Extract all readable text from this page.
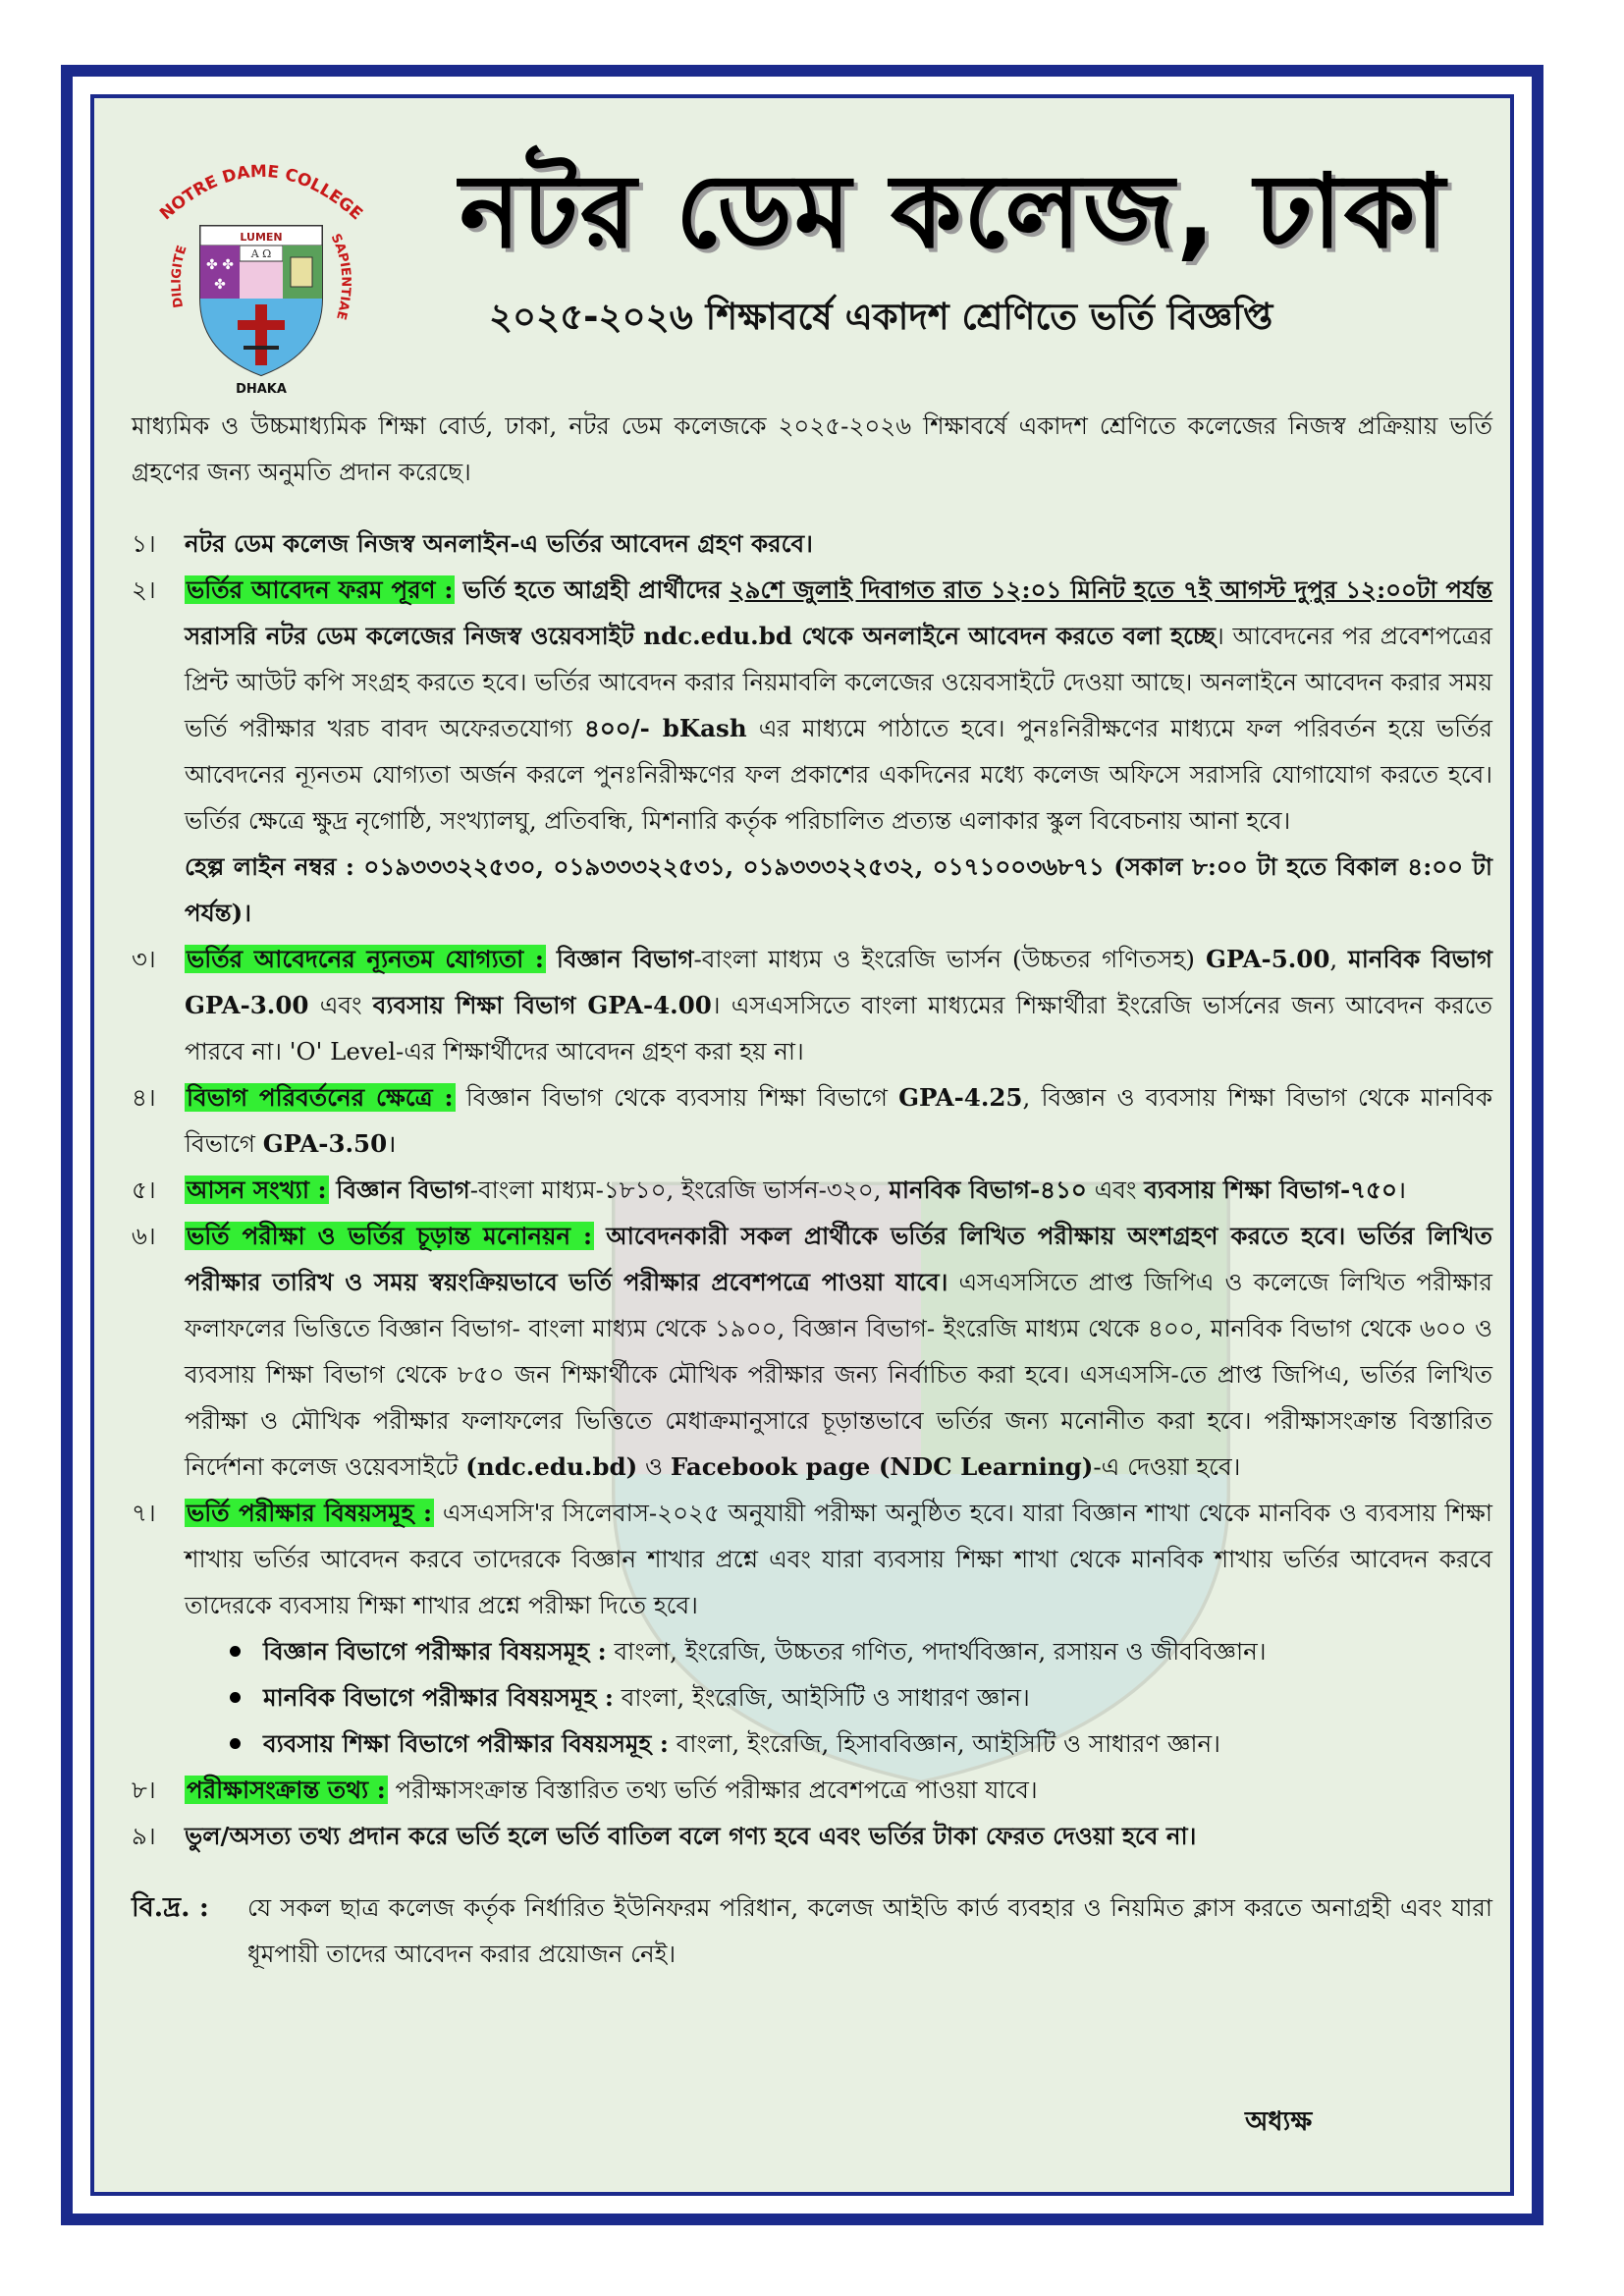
NOTRE DAME COLLEGE
DILIGITE
SAPIENTIAE
LUMEN
Α Ω
✤ ✤
✤
DHAKA
নটর ডেম কলেজ, ঢাকা
২০২৫-২০২৬ শিক্ষাবর্ষে একাদশ শ্রেণিতে ভর্তি বিজ্ঞপ্তি

মাধ্যমিক ও উচ্চমাধ্যমিক শিক্ষা বোর্ড, ঢাকা, নটর ডেম কলেজকে ২০২৫-২০২৬ শিক্ষাবর্ষে একাদশ শ্রেণিতে কলেজের নিজস্ব প্রক্রিয়ায় ভর্তি গ্রহণের জন্য অনুমতি প্রদান করেছে।

১।	নটর ডেম কলেজ নিজস্ব অনলাইন-এ ভর্তির আবেদন গ্রহণ করবে।
২।	ভর্তির আবেদন ফরম পূরণ : ভর্তি হতে আগ্রহী প্রার্থীদের ২৯শে জুলাই দিবাগত রাত ১২:০১ মিনিট হতে ৭ই আগস্ট দুপুর ১২:০০টা পর্যন্ত সরাসরি নটর ডেম কলেজের নিজস্ব ওয়েবসাইট ndc.edu.bd থেকে অনলাইনে আবেদন করতে বলা হচ্ছে। আবেদনের পর প্রবেশপত্রের প্রিন্ট আউট কপি সংগ্রহ করতে হবে। ভর্তির আবেদন করার নিয়মাবলি কলেজের ওয়েবসাইটে দেওয়া আছে। অনলাইনে আবেদন করার সময় ভর্তি পরীক্ষার খরচ বাবদ অফেরতযোগ্য ৪০০/- bKash এর মাধ্যমে পাঠাতে হবে। পুনঃনিরীক্ষণের মাধ্যমে ফল পরিবর্তন হয়ে ভর্তির আবেদনের ন্যূনতম যোগ্যতা অর্জন করলে পুনঃনিরীক্ষণের ফল প্রকাশের একদিনের মধ্যে কলেজ অফিসে সরাসরি যোগাযোগ করতে হবে। ভর্তির ক্ষেত্রে ক্ষুদ্র নৃগোষ্ঠি, সংখ্যালঘু, প্রতিবন্ধি, মিশনারি কর্তৃক পরিচালিত প্রত্যন্ত এলাকার স্কুল বিবেচনায় আনা হবে।
হেল্প লাইন নম্বর : ০১৯৩৩৩২২৫৩০, ০১৯৩৩৩২২৫৩১, ০১৯৩৩৩২২৫৩২, ০১৭১০০৩৬৮৭১ (সকাল ৮:০০ টা হতে বিকাল ৪:০০ টা পর্যন্ত)।
৩।	ভর্তির আবেদনের ন্যূনতম যোগ্যতা : বিজ্ঞান বিভাগ-বাংলা মাধ্যম ও ইংরেজি ভার্সন (উচ্চতর গণিতসহ) GPA-5.00, মানবিক বিভাগ GPA-3.00 এবং ব্যবসায় শিক্ষা বিভাগ GPA-4.00। এসএসসিতে বাংলা মাধ্যমের শিক্ষার্থীরা ইংরেজি ভার্সনের জন্য আবেদন করতে পারবে না। 'O' Level-এর শিক্ষার্থীদের আবেদন গ্রহণ করা হয় না।
৪।	বিভাগ পরিবর্তনের ক্ষেত্রে : বিজ্ঞান বিভাগ থেকে ব্যবসায় শিক্ষা বিভাগে GPA-4.25, বিজ্ঞান ও ব্যবসায় শিক্ষা বিভাগ থেকে মানবিক বিভাগে GPA-3.50।
৫।	আসন সংখ্যা : বিজ্ঞান বিভাগ-বাংলা মাধ্যম-১৮১০, ইংরেজি ভার্সন-৩২০, মানবিক বিভাগ-৪১০ এবং ব্যবসায় শিক্ষা বিভাগ-৭৫০।
৬।	ভর্তি পরীক্ষা ও ভর্তির চূড়ান্ত মনোনয়ন : আবেদনকারী সকল প্রার্থীকে ভর্তির লিখিত পরীক্ষায় অংশগ্রহণ করতে হবে। ভর্তির লিখিত পরীক্ষার তারিখ ও সময় স্বয়ংক্রিয়ভাবে ভর্তি পরীক্ষার প্রবেশপত্রে পাওয়া যাবে। এসএসসিতে প্রাপ্ত জিপিএ ও কলেজে লিখিত পরীক্ষার ফলাফলের ভিত্তিতে বিজ্ঞান বিভাগ- বাংলা মাধ্যম থেকে ১৯০০, বিজ্ঞান বিভাগ- ইংরেজি মাধ্যম থেকে ৪০০, মানবিক বিভাগ থেকে ৬০০ ও ব্যবসায় শিক্ষা বিভাগ থেকে ৮৫০ জন শিক্ষার্থীকে মৌখিক পরীক্ষার জন্য নির্বাচিত করা হবে। এসএসসি-তে প্রাপ্ত জিপিএ, ভর্তির লিখিত পরীক্ষা ও মৌখিক পরীক্ষার ফলাফলের ভিত্তিতে মেধাক্রমানুসারে চূড়ান্তভাবে ভর্তির জন্য মনোনীত করা হবে। পরীক্ষাসংক্রান্ত বিস্তারিত নির্দেশনা কলেজ ওয়েবসাইটে (ndc.edu.bd) ও Facebook page (NDC Learning)-এ দেওয়া হবে।
৭।	ভর্তি পরীক্ষার বিষয়সমূহ : এসএসসি'র সিলেবাস-২০২৫ অনুযায়ী পরীক্ষা অনুষ্ঠিত হবে। যারা বিজ্ঞান শাখা থেকে মানবিক ও ব্যবসায় শিক্ষা শাখায় ভর্তির আবেদন করবে তাদেরকে বিজ্ঞান শাখার প্রশ্নে এবং যারা ব্যবসায় শিক্ষা শাখা থেকে মানবিক শাখায় ভর্তির আবেদন করবে তাদেরকে ব্যবসায় শিক্ষা শাখার প্রশ্নে পরীক্ষা দিতে হবে।
বিজ্ঞান বিভাগে পরীক্ষার বিষয়সমূহ : বাংলা, ইংরেজি, উচ্চতর গণিত, পদার্থবিজ্ঞান, রসায়ন ও জীববিজ্ঞান।
মানবিক বিভাগে পরীক্ষার বিষয়সমূহ : বাংলা, ইংরেজি, আইসিটি ও সাধারণ জ্ঞান।
ব্যবসায় শিক্ষা বিভাগে পরীক্ষার বিষয়সমূহ : বাংলা, ইংরেজি, হিসাববিজ্ঞান, আইসিটি ও সাধারণ জ্ঞান।
৮।	পরীক্ষাসংক্রান্ত তথ্য : পরীক্ষাসংক্রান্ত বিস্তারিত তথ্য ভর্তি পরীক্ষার প্রবেশপত্রে পাওয়া যাবে।
৯।	ভুল/অসত্য তথ্য প্রদান করে ভর্তি হলে ভর্তি বাতিল বলে গণ্য হবে এবং ভর্তির টাকা ফেরত দেওয়া হবে না।
বি.দ্র. :	যে সকল ছাত্র কলেজ কর্তৃক নির্ধারিত ইউনিফরম পরিধান, কলেজ আইডি কার্ড ব্যবহার ও নিয়মিত ক্লাস করতে অনাগ্রহী এবং যারা ধূমপায়ী তাদের আবেদন করার প্রয়োজন নেই।
অধ্যক্ষ
